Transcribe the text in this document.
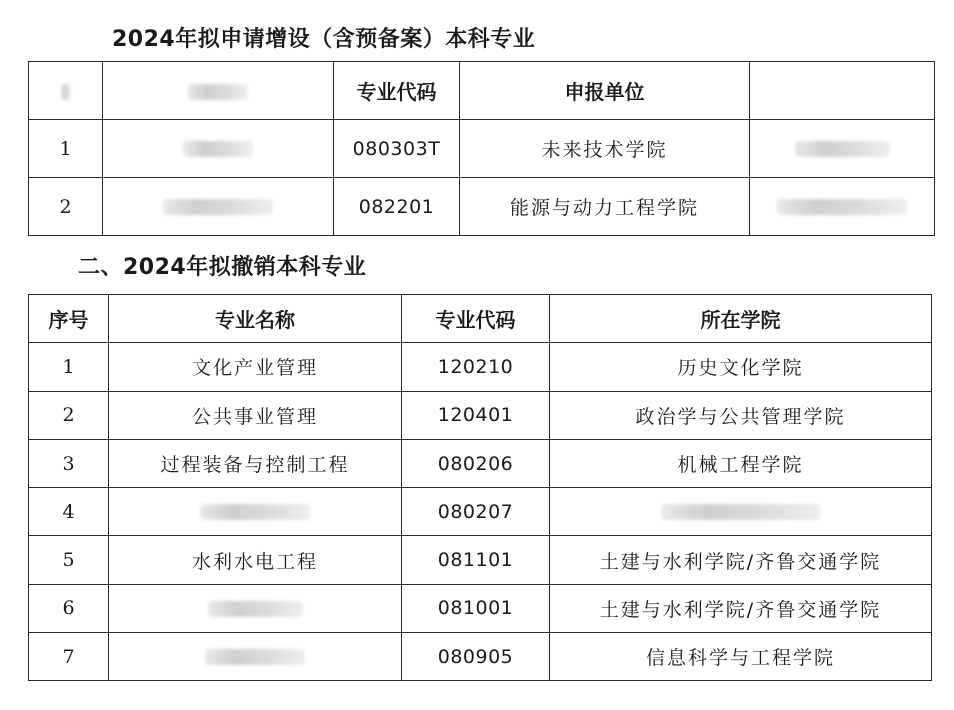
2024年拟申请增设（含预备案）本科专业
		专业代码	申报单位	
1		080303T	未来技术学院	
2		082201	能源与动力工程学院	
二、2024年拟撤销本科专业
序号	专业名称	专业代码	所在学院
1	文化产业管理	120210	历史文化学院
2	公共事业管理	120401	政治学与公共管理学院
3	过程装备与控制工程	080206	机械工程学院
4		080207	
5	水利水电工程	081101	土建与水利学院/齐鲁交通学院
6		081001	土建与水利学院/齐鲁交通学院
7		080905	信息科学与工程学院
